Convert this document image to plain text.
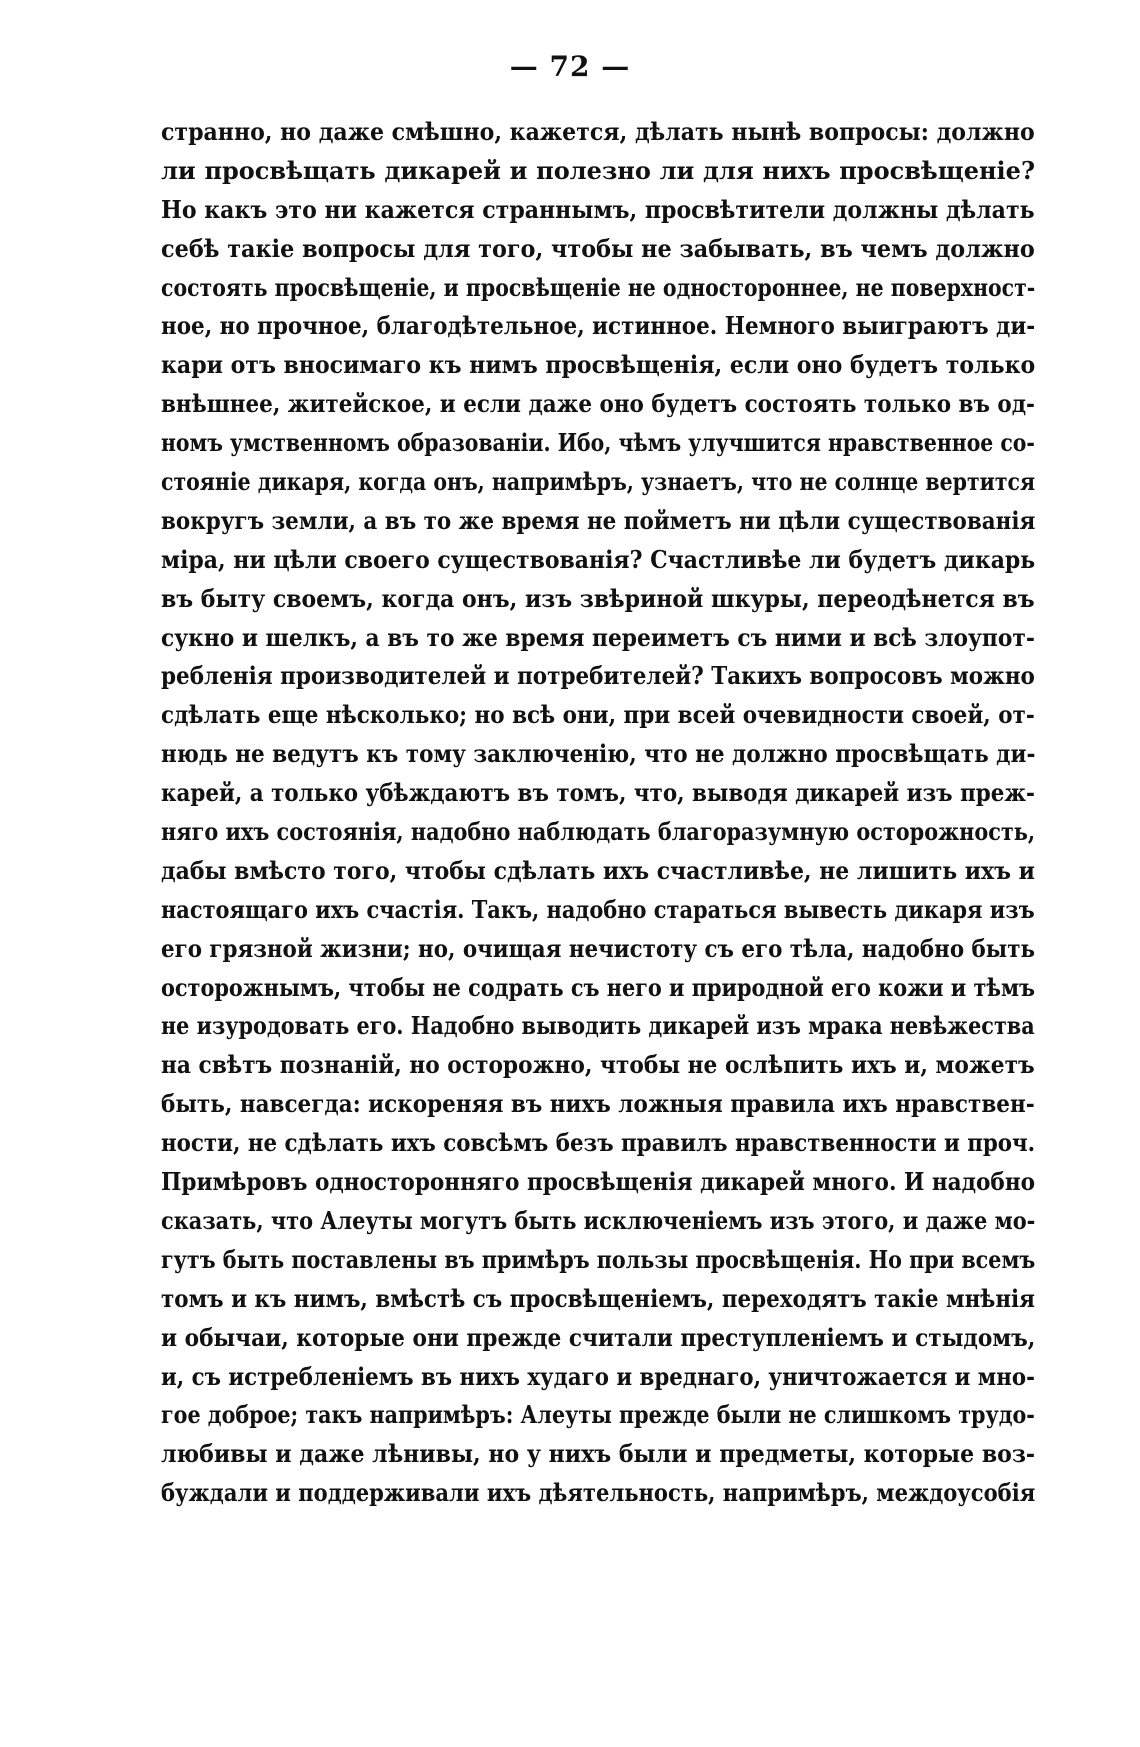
— 72 —
странно, но даже смѣшно, кажется, дѣлать нынѣ вопросы: должно
ли просвѣщать дикарей и полезно ли для нихъ просвѣщеніе?
Но какъ это ни кажется страннымъ, просвѣтители должны дѣлать
себѣ такіе вопросы для того, чтобы не забывать, въ чемъ должно
состоять просвѣщеніе, и просвѣщеніе не одностороннее, не поверхност-
ное, но прочное, благодѣтельное, истинное. Немного выиграютъ ди-
кари отъ вносимаго къ нимъ просвѣщенія, если оно будетъ только
внѣшнее, житейское, и если даже оно будетъ состоять только въ од-
номъ умственномъ образованіи. Ибо, чѣмъ улучшится нравственное со-
стояніе дикаря, когда онъ, напримѣръ, узнаетъ, что не солнце вертится
вокругъ земли, а въ то же время не пойметъ ни цѣли существованія
міра, ни цѣли своего существованія? Счастливѣе ли будетъ дикарь
въ быту своемъ, когда онъ, изъ звѣриной шкуры, переодѣнется въ
сукно и шелкъ, а въ то же время переиметъ съ ними и всѣ злоупот-
ребленія производителей и потребителей? Такихъ вопросовъ можно
сдѣлать еще нѣсколько; но всѣ они, при всей очевидности своей, от-
нюдь не ведутъ къ тому заключенію, что не должно просвѣщать ди-
карей, а только убѣждаютъ въ томъ, что, выводя дикарей изъ преж-
няго ихъ состоянія, надобно наблюдать благоразумную осторожность,
дабы вмѣсто того, чтобы сдѣлать ихъ счастливѣе, не лишить ихъ и
настоящаго ихъ счастія. Такъ, надобно стараться вывесть дикаря изъ
его грязной жизни; но, очищая нечистоту съ его тѣла, надобно быть
осторожнымъ, чтобы не содрать съ него и природной его кожи и тѣмъ
не изуродовать его. Надобно выводить дикарей изъ мрака невѣжества
на свѣтъ познаній, но осторожно, чтобы не ослѣпить ихъ и, можетъ
быть, навсегда: искореняя въ нихъ ложныя правила ихъ нравствен-
ности, не сдѣлать ихъ совсѣмъ безъ правилъ нравственности и проч.
Примѣровъ односторонняго просвѣщенія дикарей много. И надобно
сказать, что Алеуты могутъ быть исключеніемъ изъ этого, и даже мо-
гутъ быть поставлены въ примѣръ пользы просвѣщенія. Но при всемъ
томъ и къ нимъ, вмѣстѣ съ просвѣщеніемъ, переходятъ такіе мнѣнія
и обычаи, которые они прежде считали преступленіемъ и стыдомъ,
и, съ истребленіемъ въ нихъ худаго и вреднаго, уничтожается и мно-
гое доброе; такъ напримѣръ: Алеуты прежде были не слишкомъ трудо-
любивы и даже лѣнивы, но у нихъ были и предметы, которые воз-
буждали и поддерживали ихъ дѣятельность, напримѣръ, междоусобія
